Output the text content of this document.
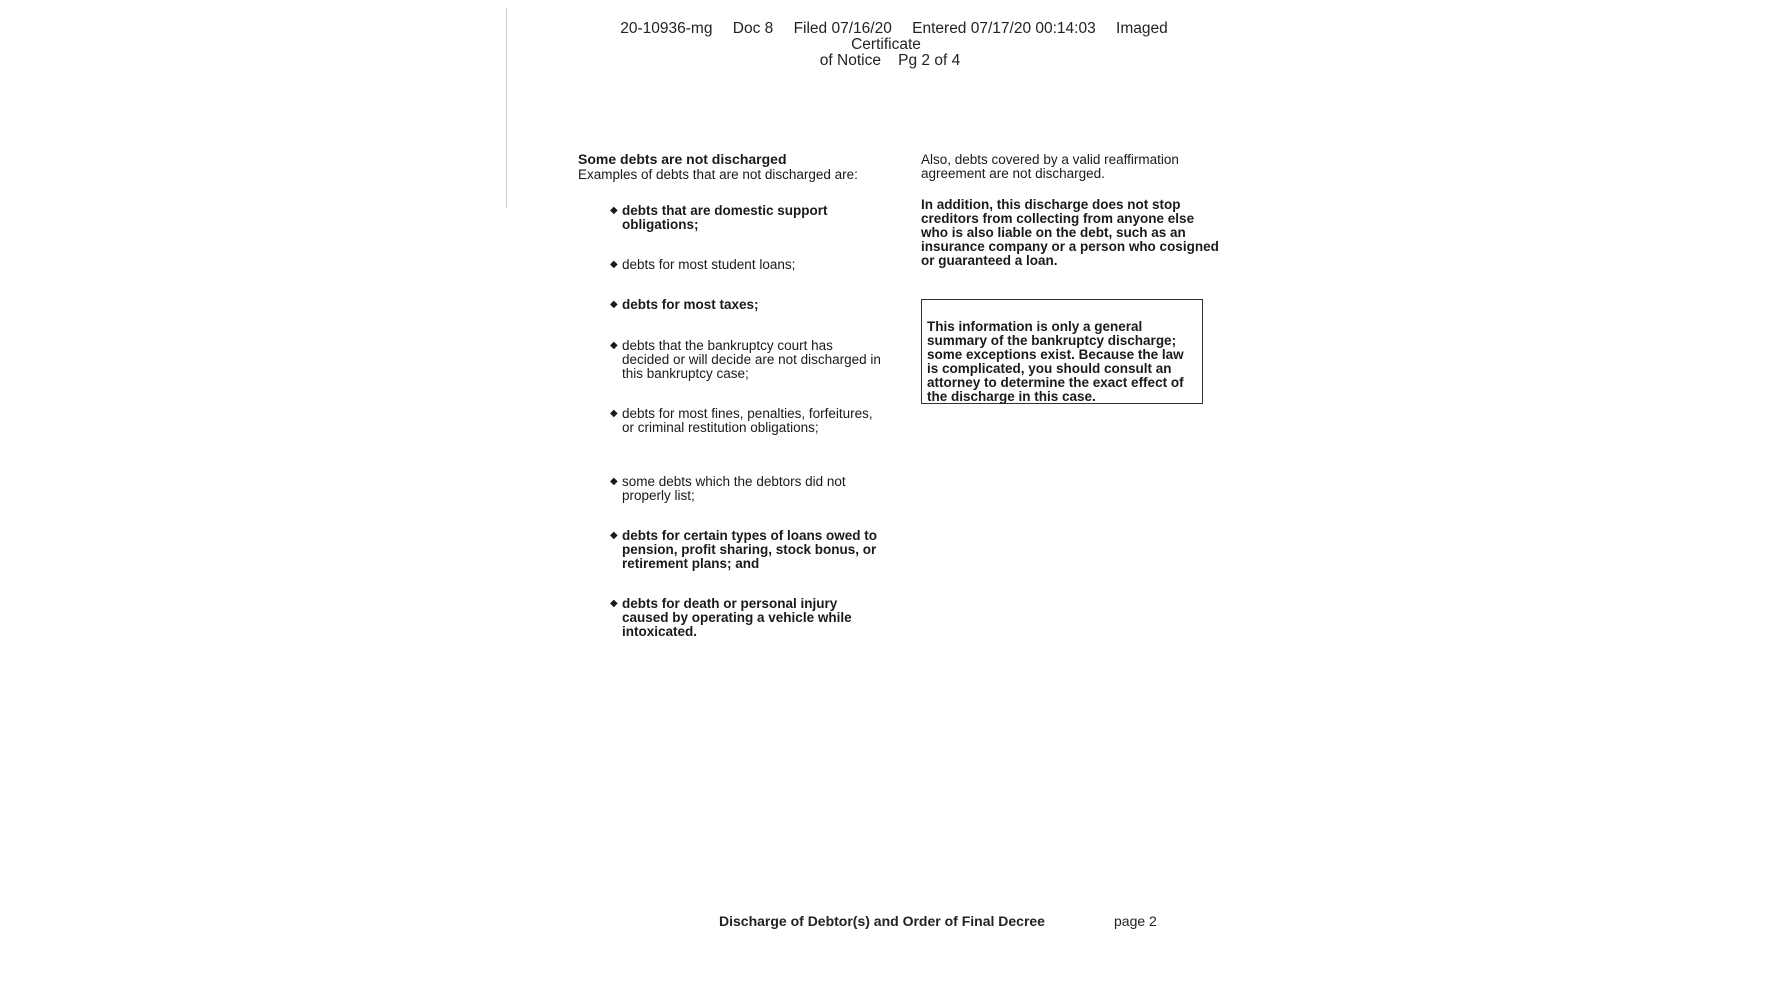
20-10936-mg Doc 8 Filed 07/16/20 Entered 07/17/20 00:14:03 Imaged Certificate
of Notice Pg 2 of 4
Some debts are not discharged
Examples of debts that are not discharged are:
◆ debts that are domestic support obligations;
◆ debts for most student loans;
◆ debts for most taxes;
◆ debts that the bankruptcy court has decided or will decide are not discharged in this bankruptcy case;
◆ debts for most fines, penalties, forfeitures, or criminal restitution obligations;
◆ some debts which the debtors did not properly list;
◆ debts for certain types of loans owed to pension, profit sharing, stock bonus, or retirement plans; and
◆ debts for death or personal injury caused by operating a vehicle while intoxicated.

Also, debts covered by a valid reaffirmation agreement are not discharged.

In addition, this discharge does not stop creditors from collecting from anyone else who is also liable on the debt, such as an insurance company or a person who cosigned or guaranteed a loan.

This information is only a general summary of the bankruptcy discharge; some exceptions exist. Because the law is complicated, you should consult an attorney to determine the exact effect of the discharge in this case.
Discharge of Debtor(s) and Order of Final Decree	page 2
